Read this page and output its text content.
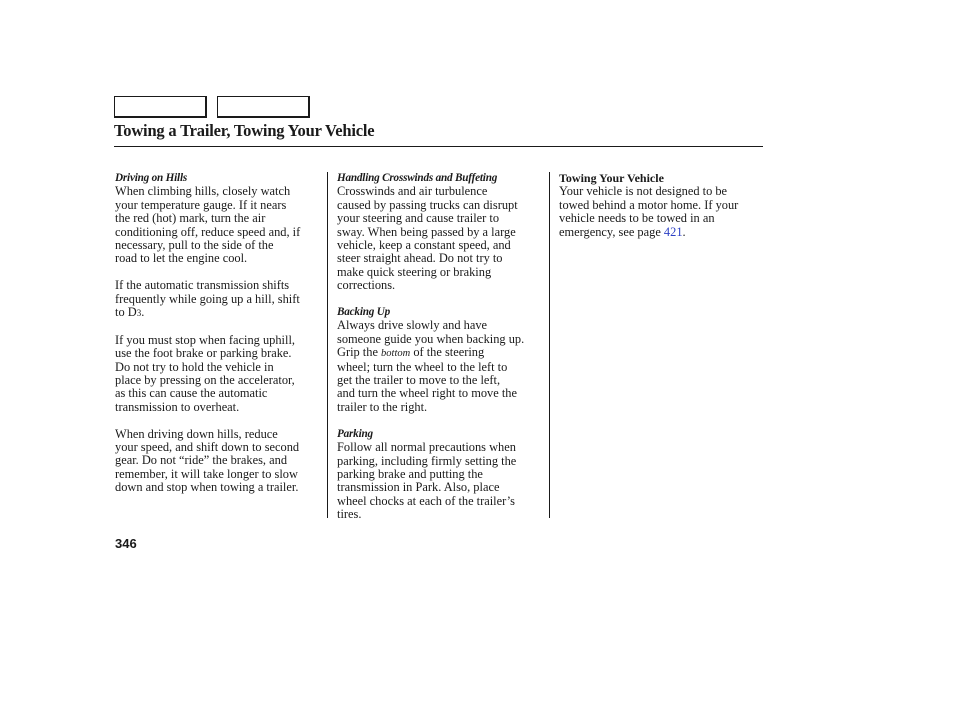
Towing a Trailer, Towing Your Vehicle
Driving on Hills

When climbing hills, closely watch

your temperature gauge. If it nears

the red (hot) mark, turn the air

conditioning off, reduce speed and, if

necessary, pull to the side of the

road to let the engine cool.

If the automatic transmission shifts

frequently while going up a hill, shift

to D3.

If you must stop when facing uphill,

use the foot brake or parking brake.

Do not try to hold the vehicle in

place by pressing on the accelerator,

as this can cause the automatic

transmission to overheat.

When driving down hills, reduce

your speed, and shift down to second

gear. Do not “ride” the brakes, and

remember, it will take longer to slow

down and stop when towing a trailer.

Handling Crosswinds and Buffeting

Crosswinds and air turbulence

caused by passing trucks can disrupt

your steering and cause trailer to

sway. When being passed by a large

vehicle, keep a constant speed, and

steer straight ahead. Do not try to

make quick steering or braking

corrections.

Backing Up

Always drive slowly and have

someone guide you when backing up.

Grip the bottom of the steering

wheel; turn the wheel to the left to

get the trailer to move to the left,

and turn the wheel right to move the

trailer to the right.

Parking

Follow all normal precautions when

parking, including firmly setting the

parking brake and putting the

transmission in Park. Also, place

wheel chocks at each of the trailer’s

tires.

Towing Your Vehicle

Your vehicle is not designed to be

towed behind a motor home. If your

vehicle needs to be towed in an

emergency, see page 421.

346
